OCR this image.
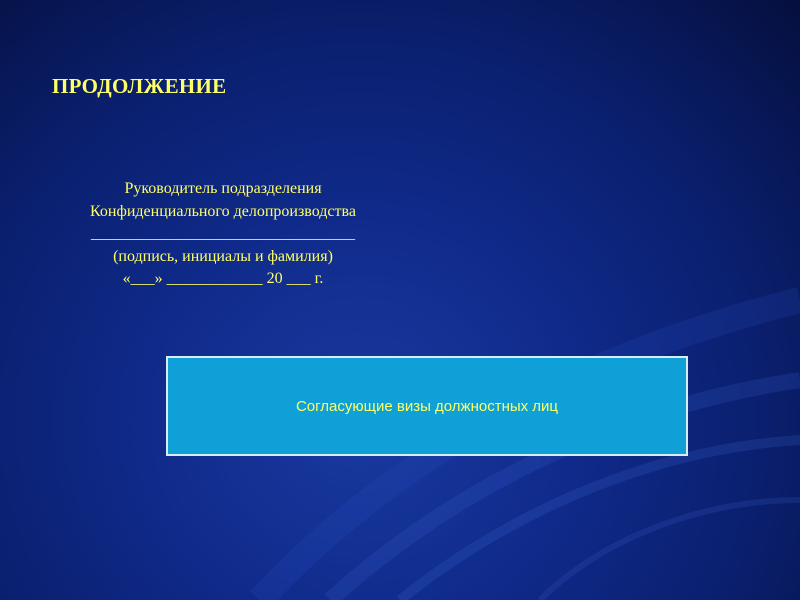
ПРОДОЛЖЕНИЕ
Руководитель подразделения
Конфиденциального делопроизводства
_________________________________
(подпись, инициалы и фамилия)
«___» ____________ 20 ___ г.
Согласующие визы должностных лиц
